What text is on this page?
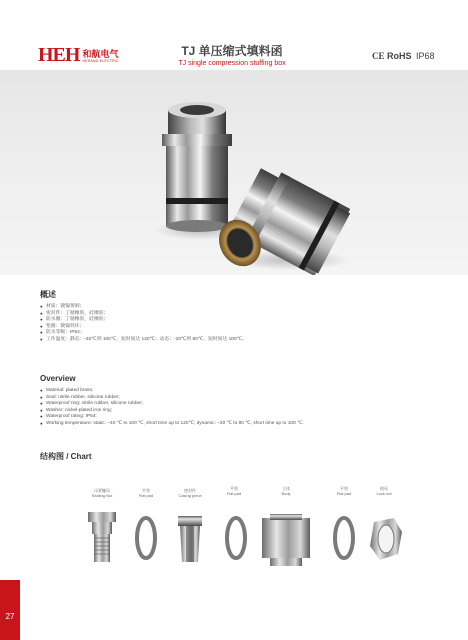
HEH 和航电气
HEHANG ELECTRIC
TJ 单压缩式填料函
TJ single compression stuffing box
CE RoHS IP68
概述
● 材质：镀镍黄铜；
● 密封件：丁腈橡胶，硅橡胶；
● 防水圈：丁腈橡胶，硅橡胶；
● 垫圈：镀镍铁环；
● 防水等级：IP54；
● 工作温度：静态：-40℃到 100℃，短时间达 120℃；动态：-20℃到 80℃，短时间达 100℃。
Overview
● Material: plated brass;
● Seal: nitrile rubber, silicone rubber;
● Waterproof ring: nitrile rubber, silicone rubber;
● Washer: nickel-plated iron ring;
● Waterproof rating: IP54;
● Working temperature: static: −40 ℃ to 100 ℃, short time up to 120℃; dynamic: −20 ℃ to 80 ℃, short time up to 100 ℃.
结构图 / Chart
压紧螺母
Sealing Nut
平垫
Flat pad
密封件
Casing piece
平垫
Flat pad
主体
Body
平垫
Flat pad
锁母
Lock nut
27
